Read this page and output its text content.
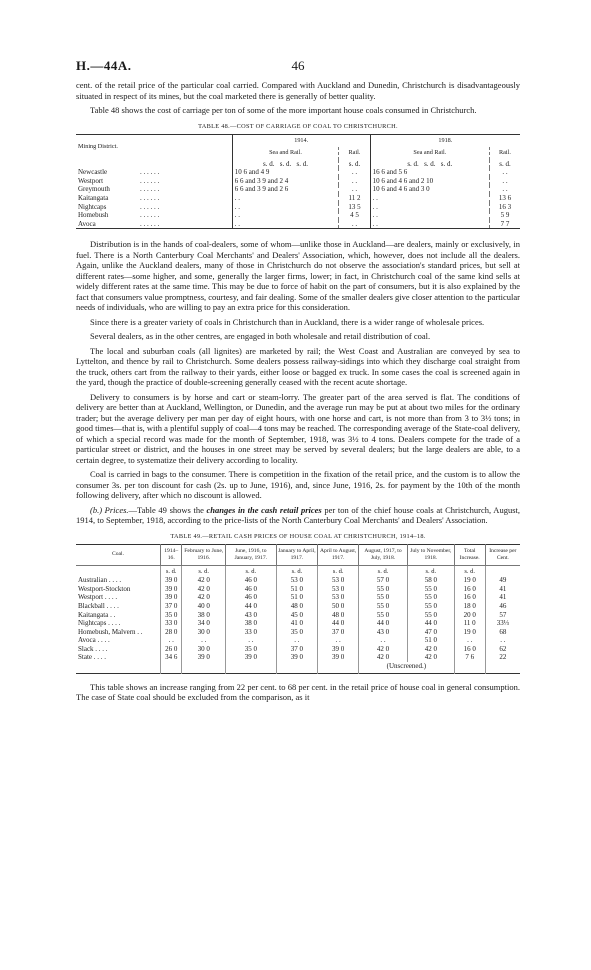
H.—44A.	46

cent. of the retail price of the particular coal carried. Compared with Auckland and Dunedin, Christchurch is disadvantageously situated in respect of its mines, but the coal marketed there is generally of better quality.

Table 48 shows the cost of carriage per ton of some of the more important house coals consumed in Christchurch.

TABLE 48.—COST OF CARRIAGE OF COAL TO CHRISTCHURCH.
Mining District.	1914.		1918.	
	Sea and Rail.	Rail.	Sea and Rail.	Rail.
	s. d. s. d. s. d.	s. d.	s. d. s. d. s. d.	s. d.
Newcastle . . . . . .	10 6 and 4 9	. .	16 6 and 5 6	. .
Westport . . . . . .	6 6 and 3 9 and 2 4	. .	10 6 and 4 6 and 2 10	. .
Greymouth . . . . . .	6 6 and 3 9 and 2 6	. .	10 6 and 4 6 and 3 0	. .
Kaitangata . . . . . .	. .	11 2	. .	13 6
Nightcaps . . . . . .	. .	13 5	. .	16 3
Homebush . . . . . .	. .	4 5	. .	5 9
Avoca . . . . . .	. .	. .	. .	7 7

Distribution is in the hands of coal-dealers, some of whom—unlike those in Auckland—are dealers, mainly or exclusively, in fuel. There is a North Canterbury Coal Merchants' and Dealers' Association, which, however, does not include all the dealers. Again, unlike the Auckland dealers, many of those in Christchurch do not observe the association's standard prices, but sell at different rates—some higher, and some, generally the larger firms, lower; in fact, in Christchurch coal of the same kind sells at widely different rates at the same time. This may be due to force of habit on the part of consumers, but it is also explained by the fact that consumers value promptness, courtesy, and fair dealing. Some of the smaller dealers give closer attention to the particular needs of individuals, who are willing to pay an extra price for this consideration.

Since there is a greater variety of coals in Christchurch than in Auckland, there is a wider range of wholesale prices.

Several dealers, as in the other centres, are engaged in both wholesale and retail distribution of coal.

The local and suburban coals (all lignites) are marketed by rail; the West Coast and Australian are conveyed by sea to Lyttelton, and thence by rail to Christchurch. Some dealers possess railway-sidings into which they discharge coal straight from the truck, others cart from the railway to their yards, either loose or bagged ex truck. In some cases the coal is screened again in the yard, though the practice of double-screening generally ceased with the recent acute shortage.

Delivery to consumers is by horse and cart or steam-lorry. The greater part of the area served is flat. The conditions of delivery are better than at Auckland, Wellington, or Dunedin, and the average run may be put at about two miles for the ordinary trader; but the average delivery per man per day of eight hours, with one horse and cart, is not more than from 3 to 3½ tons; in good times—that is, with a plentiful supply of coal—4 tons may be reached. The corresponding average of the State-coal delivery, of which a special record was made for the month of September, 1918, was 3½ to 4 tons. Dealers compete for the trade of a particular street or district, and the houses in one street may be served by several dealers; but the large dealers are able, to a certain degree, to systematize their delivery according to locality.

Coal is carried in bags to the consumer. There is competition in the fixation of the retail price, and the custom is to allow the consumer 3s. per ton discount for cash (2s. up to June, 1916), and, since June, 1916, 2s. for payment by the 10th of the month following delivery, after which no discount is allowed.

(b.) Prices.—Table 49 shows the changes in the cash retail prices per ton of the chief house coals at Christchurch, August, 1914, to September, 1918, according to the price-lists of the North Canterbury Coal Merchants' and Dealers' Association.

TABLE 49.—RETAIL CASH PRICES OF HOUSE COAL AT CHRISTCHURCH, 1914–18.
Coal.	1914–16.	February to June, 1916.	June, 1916, to January, 1917.	January to April, 1917.	April to August, 1917.	August, 1917, to July, 1918.	July to November, 1918.	Total Increase.	Increase per Cent.
	s. d.	s. d.	s. d.	s. d.	s. d.	s. d.	s. d.	s. d.	
Australian . . . .	39 0	42 0	46 0	53 0	53 0	57 0	58 0	19 0	49
Westport-Stockton	39 0	42 0	46 0	51 0	53 0	55 0	55 0	16 0	41
Westport . . . .	39 0	42 0	46 0	51 0	53 0	55 0	55 0	16 0	41
Blackball . . . .	37 0	40 0	44 0	48 0	50 0	55 0	55 0	18 0	46
Kaitangata . .	35 0	38 0	43 0	45 0	48 0	55 0	55 0	20 0	57
Nightcaps . . . .	33 0	34 0	38 0	41 0	44 0	44 0	44 0	11 0	33⅓
Homebush, Malvern . .	28 0	30 0	33 0	35 0	37 0	43 0	47 0	19 0	68
Avoca . . . .	. .	. .	. .	. .	. .	. .	51 0	. .	. .
Slack . . . .	26 0	30 0	35 0	37 0	39 0	42 0	42 0	16 0	62
State . . . .	34 6	39 0	39 0	39 0	39 0	42 0	42 0	7 6	22
						(Unscreened.)			

This table shows an increase ranging from 22 per cent. to 68 per cent. in the retail price of house coal in general consumption. The case of State coal should be excluded from the comparison, as it
